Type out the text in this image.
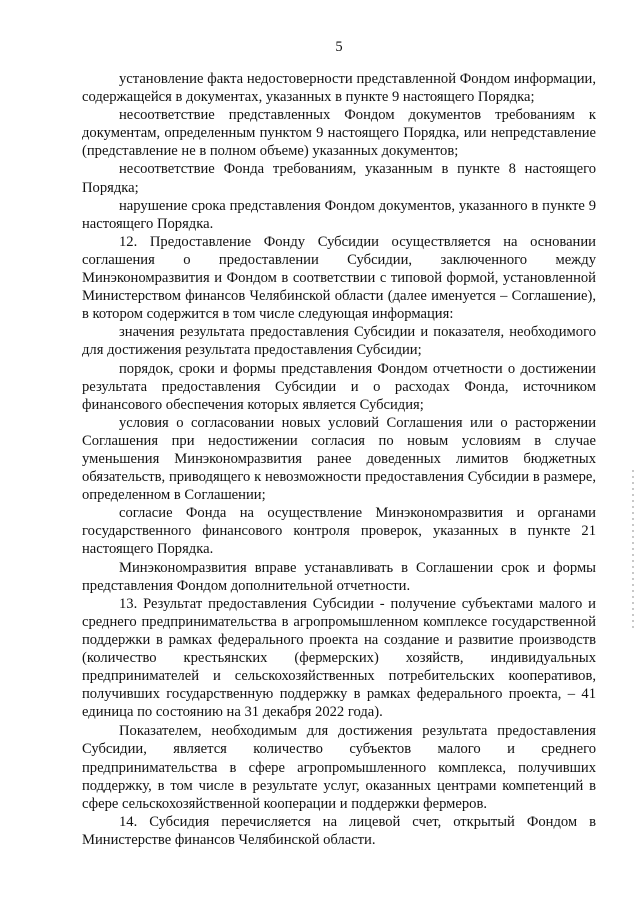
5

установление факта недостоверности представленной Фондом информации, содержащейся в документах, указанных в пункте 9 настоящего Порядка;

несоответствие представленных Фондом документов требованиям к документам, определенным пунктом 9 настоящего Порядка, или непредставление (представление не в полном объеме) указанных документов;

несоответствие Фонда требованиям, указанным в пункте 8 настоящего Порядка;

нарушение срока представления Фондом документов, указанного в пункте 9 настоящего Порядка.

12. Предоставление Фонду Субсидии осуществляется на основании соглашения о предоставлении Субсидии, заключенного между Минэкономразвития и Фондом в соответствии с типовой формой, установленной Министерством финансов Челябинской области (далее именуется – Соглашение), в котором содержится в том числе следующая информация:

значения результата предоставления Субсидии и показателя, необходимого для достижения результата предоставления Субсидии;

порядок, сроки и формы представления Фондом отчетности о достижении результата предоставления Субсидии и о расходах Фонда, источником финансового обеспечения которых является Субсидия;

условия о согласовании новых условий Соглашения или о расторжении Соглашения при недостижении согласия по новым условиям в случае уменьшения Минэкономразвития ранее доведенных лимитов бюджетных обязательств, приводящего к невозможности предоставления Субсидии в размере, определенном в Соглашении;

согласие Фонда на осуществление Минэкономразвития и органами государственного финансового контроля проверок, указанных в пункте 21 настоящего Порядка.

Минэкономразвития вправе устанавливать в Соглашении срок и формы представления Фондом дополнительной отчетности.

13. Результат предоставления Субсидии - получение субъектами малого и среднего предпринимательства в агропромышленном комплексе государственной поддержки в рамках федерального проекта на создание и развитие производств (количество крестьянских (фермерских) хозяйств, индивидуальных предпринимателей и сельскохозяйственных потребительских кооперативов, получивших государственную поддержку в рамках федерального проекта, – 41 единица по состоянию на 31 декабря 2022 года).

Показателем, необходимым для достижения результата предоставления Субсидии, является количество субъектов малого и среднего предпринимательства в сфере агропромышленного комплекса, получивших поддержку, в том числе в результате услуг, оказанных центрами компетенций в сфере сельскохозяйственной кооперации и поддержки фермеров.

14. Субсидия перечисляется на лицевой счет, открытый Фондом в Министерстве финансов Челябинской области.
